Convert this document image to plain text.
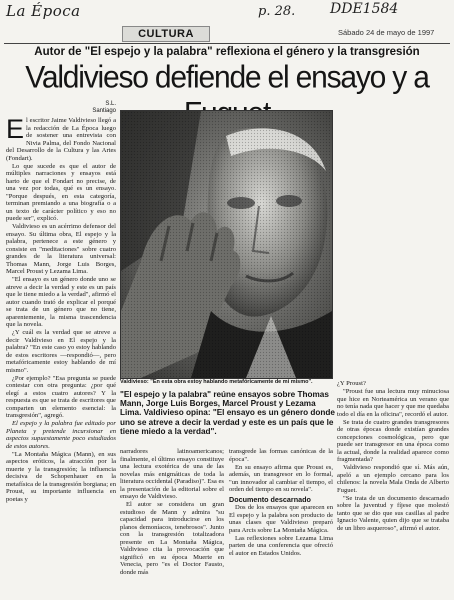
La Época	p. 28. DDE1584
CULTURA	Sábado 24 de mayo de 1997
Autor de "El espejo y la palabra" reflexiona el género y la transgresión
Valdivieso defiende el ensayo y a
S.L.
Santiago

El escritor Jaime Valdivieso llegó a la redacción de La Época luego de sostener una entrevista con Nivia Palma, del Fondo Nacional del Desarrollo de la Cultura y las Artes (Fondart).

Lo que sucede es que el autor de múltiples narraciones y ensayos está harto de que el Fondart no precise, de una vez por todas, qué es un ensayo. "Porque después, en esta categoría, terminan premiando a una biografía o a un texto de carácter político y eso no puede ser", explicó.

Valdivieso es un acérrimo defensor del ensayo. Su última obra, El espejo y la palabra, pertenece a este género y consiste en "meditaciones" sobre cuatro grandes de la literatura universal: Thomas Mann, Jorge Luis Borges, Marcel Proust y Lezama Lima.

"El ensayo es un género donde uno se atreve a decir la verdad y este es un país que le tiene miedo a la verdad", afirmó el autor cuando trató de explicar el porqué se trata de un género que no tiene, aparentemente, la misma trascendencia que la novela.

¿Y cuál es la verdad que se atreve a decir Valdivieso en El espejo y la palabra? "En este caso yo estoy hablando de estos escritores —respondió—, pero metafóricamente estoy hablando de mí mismo".

¿Por ejemplo? "Esa pregunta se puede contestar con otra pregunta: ¿por qué elegí a estos cuatro autores? Y la respuesta es que se trata de escritores que comparten un elemento esencial: la transgresión", agregó.

El espejo y la palabra fue editado por Planeta y pretende incursionar en aspectos supuestamente poco estudiados de estos autores.

"La Montaña Mágica (Mann), en sus aspectos eróticos, la atracción por la muerte y la transgresión; la influencia decisiva de Schopenhauer en la metafísica de la transgresión borgiana; en Proust, su importante influencia en poetas y

Valdivieso: "En esta obra estoy hablando metafóricamente de mi mismo".
"El espejo y la palabra" reúne ensayos sobre Thomas Mann, Jorge Luis Borges, Marcel Proust y Lezama Lima. Valdivieso opina: "El ensayo es un género donde uno se atreve a decir la verdad y este es un país que le tiene miedo a la verdad".

narradores latinoamericanos; finalmente, el último ensayo constituye una lectura exotérica de una de las novelas más enigmáticas de toda la literatura occidental (Paradiso)". Esa es la presentación de la editorial sobre el ensayo de Valdivieso.

El autor se considera un gran estudioso de Mann y admira "su capacidad para introducirse en los planos demoníacos, tenebrosos". Junto con la transgresión totalizadora presente en La Montaña Mágica, Valdivieso cita la provocación que significó en su época Muerte en Venecia, pero "es el Doctor Fausto, donde más

transgrede las formas canónicas de la época".

En su ensayo afirma que Proust es, además, un transgresor en lo formal, "un innovador al cambiar el tiempo, el orden del tiempo en su novela".

Documento descarnado

Dos de los ensayos que aparecen en El espejo y la palabra son producto de unas clases que Valdivieso preparó para Arcis sobre La Montaña Mágica.

Las reflexiones sobre Lezama Lima parten de una conferencia que ofreció el autor en Estados Unidos.

¿Y Proust?

"Proust fue una lectura muy minuciosa que hice en Norteamérica un verano que no tenía nada que hacer y que me quedaba todo el día en la oficina", recordó el autor.

Se trata de cuatro grandes transgresores de otras épocas donde existían grandes concepciones cosmológicas, pero que puede ser transgresor en una época como la actual, donde la realidad aparece como fragmentada?

Valdivieso respondió que sí. Más aún, apeló a un ejemplo cercano para los chilenos: la novela Mala Onda de Alberto Fuguet.

"Se trata de un documento descarnado sobre la juventud y fíjese que molestó tanto que se dio que sus casillas al padre Ignacio Valente, quien dijo que se trataba de un libro asqueroso", afirmó el autor.
